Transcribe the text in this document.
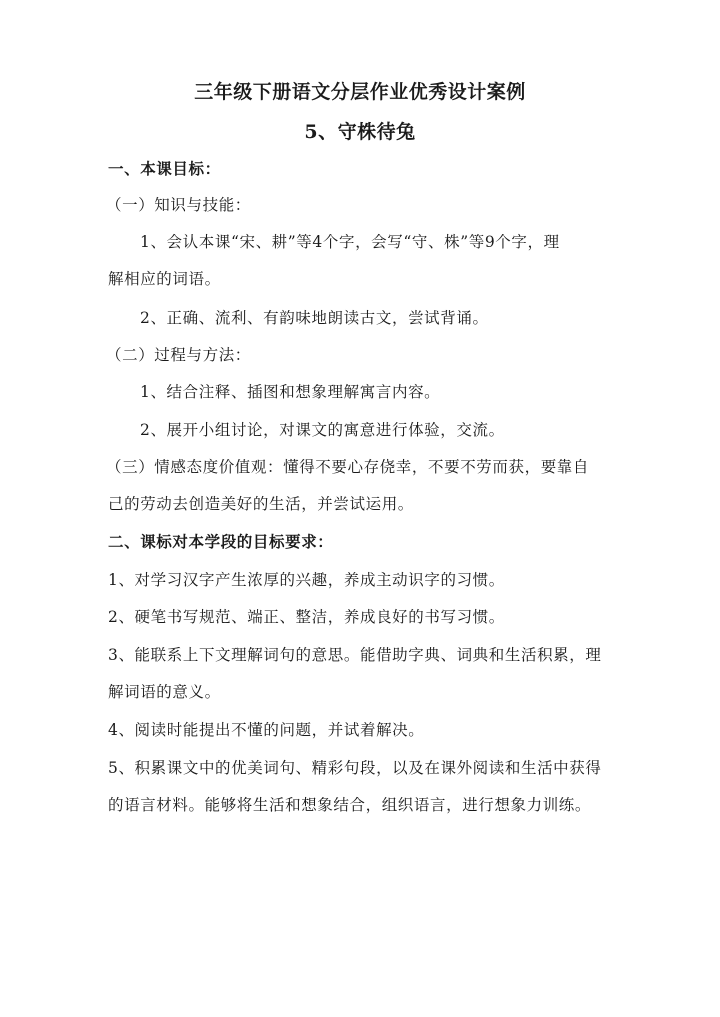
三年级下册语文分层作业优秀设计案例
5、守株待兔
一、本课目标：
（一）知识与技能：
1、会认本课“宋、耕”等4个字，会写“守、株”等9个字，理
解相应的词语。
2、正确、流利、有韵味地朗读古文，尝试背诵。
（二）过程与方法：
1、结合注释、插图和想象理解寓言内容。
2、展开小组讨论，对课文的寓意进行体验，交流。
（三）情感态度价值观：懂得不要心存侥幸，不要不劳而获，要靠自
己的劳动去创造美好的生活，并尝试运用。
二、课标对本学段的目标要求：
1、对学习汉字产生浓厚的兴趣，养成主动识字的习惯。
2、硬笔书写规范、端正、整洁，养成良好的书写习惯。
3、能联系上下文理解词句的意思。能借助字典、词典和生活积累，理
解词语的意义。
4、阅读时能提出不懂的问题，并试着解决。
5、积累课文中的优美词句、精彩句段，以及在课外阅读和生活中获得
的语言材料。能够将生活和想象结合，组织语言，进行想象力训练。
